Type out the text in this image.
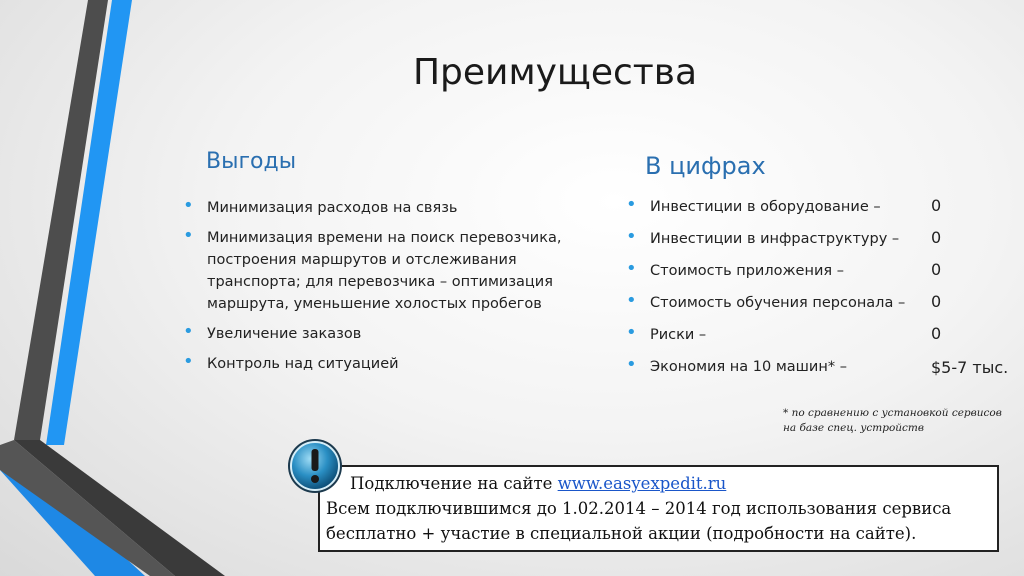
Преимущества
Выгоды	В цифрах
• Минимизация расходов на связь
• Минимизация времени на поиск перевозчика, построения маршрутов и отслеживания транспорта; для перевозчика – оптимизация маршрута, уменьшение холостых пробегов
• Увеличение заказов
• Контроль над ситуацией
• Инвестиции в оборудование –
• Инвестиции в инфраструктуру –
• Стоимость приложения –
• Стоимость обучения персонала –
• Риски –
• Экономия на 10 машин* –
0
0
0
0
0
$5-7 тыс.
* по сравнению с установкой сервисов на базе спец. устройств
Подключение на сайте www.easyexpedit.ru
Всем подключившимся до 1.02.2014 – 2014 год использования сервиса бесплатно + участие в специальной акции (подробности на сайте).
